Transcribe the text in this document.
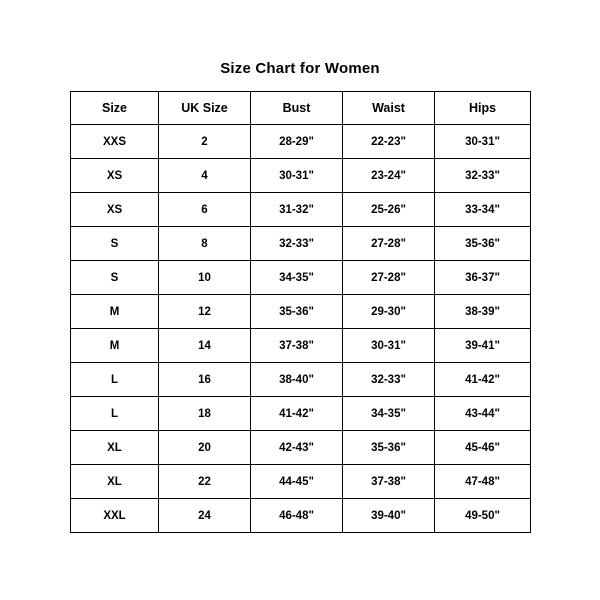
Size Chart for Women
Size	UK Size	Bust	Waist	Hips
XXS	2	28-29"	22-23"	30-31"
XS	4	30-31"	23-24"	32-33"
XS	6	31-32"	25-26"	33-34"
S	8	32-33"	27-28"	35-36"
S	10	34-35"	27-28"	36-37"
M	12	35-36"	29-30"	38-39"
M	14	37-38"	30-31"	39-41"
L	16	38-40"	32-33"	41-42"
L	18	41-42"	34-35"	43-44"
XL	20	42-43"	35-36"	45-46"
XL	22	44-45"	37-38"	47-48"
XXL	24	46-48"	39-40"	49-50"
